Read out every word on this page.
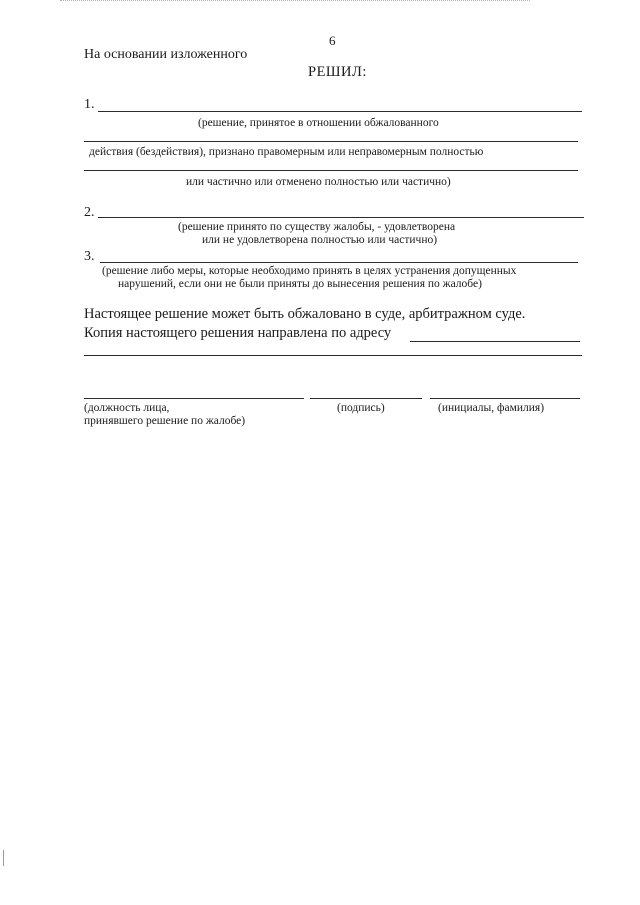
6
На основании изложенного
РЕШИЛ:
1.
(решение, принятое в отношении обжалованного
действия (бездействия), признано правомерным или неправомерным полностью
или частично или отменено полностью или частично)
2.
(решение принято по существу жалобы, - удовлетворена
или не удовлетворена полностью или частично)
3.
(решение либо меры, которые необходимо принять в целях устранения допущенных
нарушений, если они не были приняты до вынесения решения по жалобе)
Настоящее решение может быть обжаловано в суде, арбитражном суде.
Копия настоящего решения направлена по адресу
(должность лица,
принявшего решение по жалобе)
(подпись)	(инициалы, фамилия)
